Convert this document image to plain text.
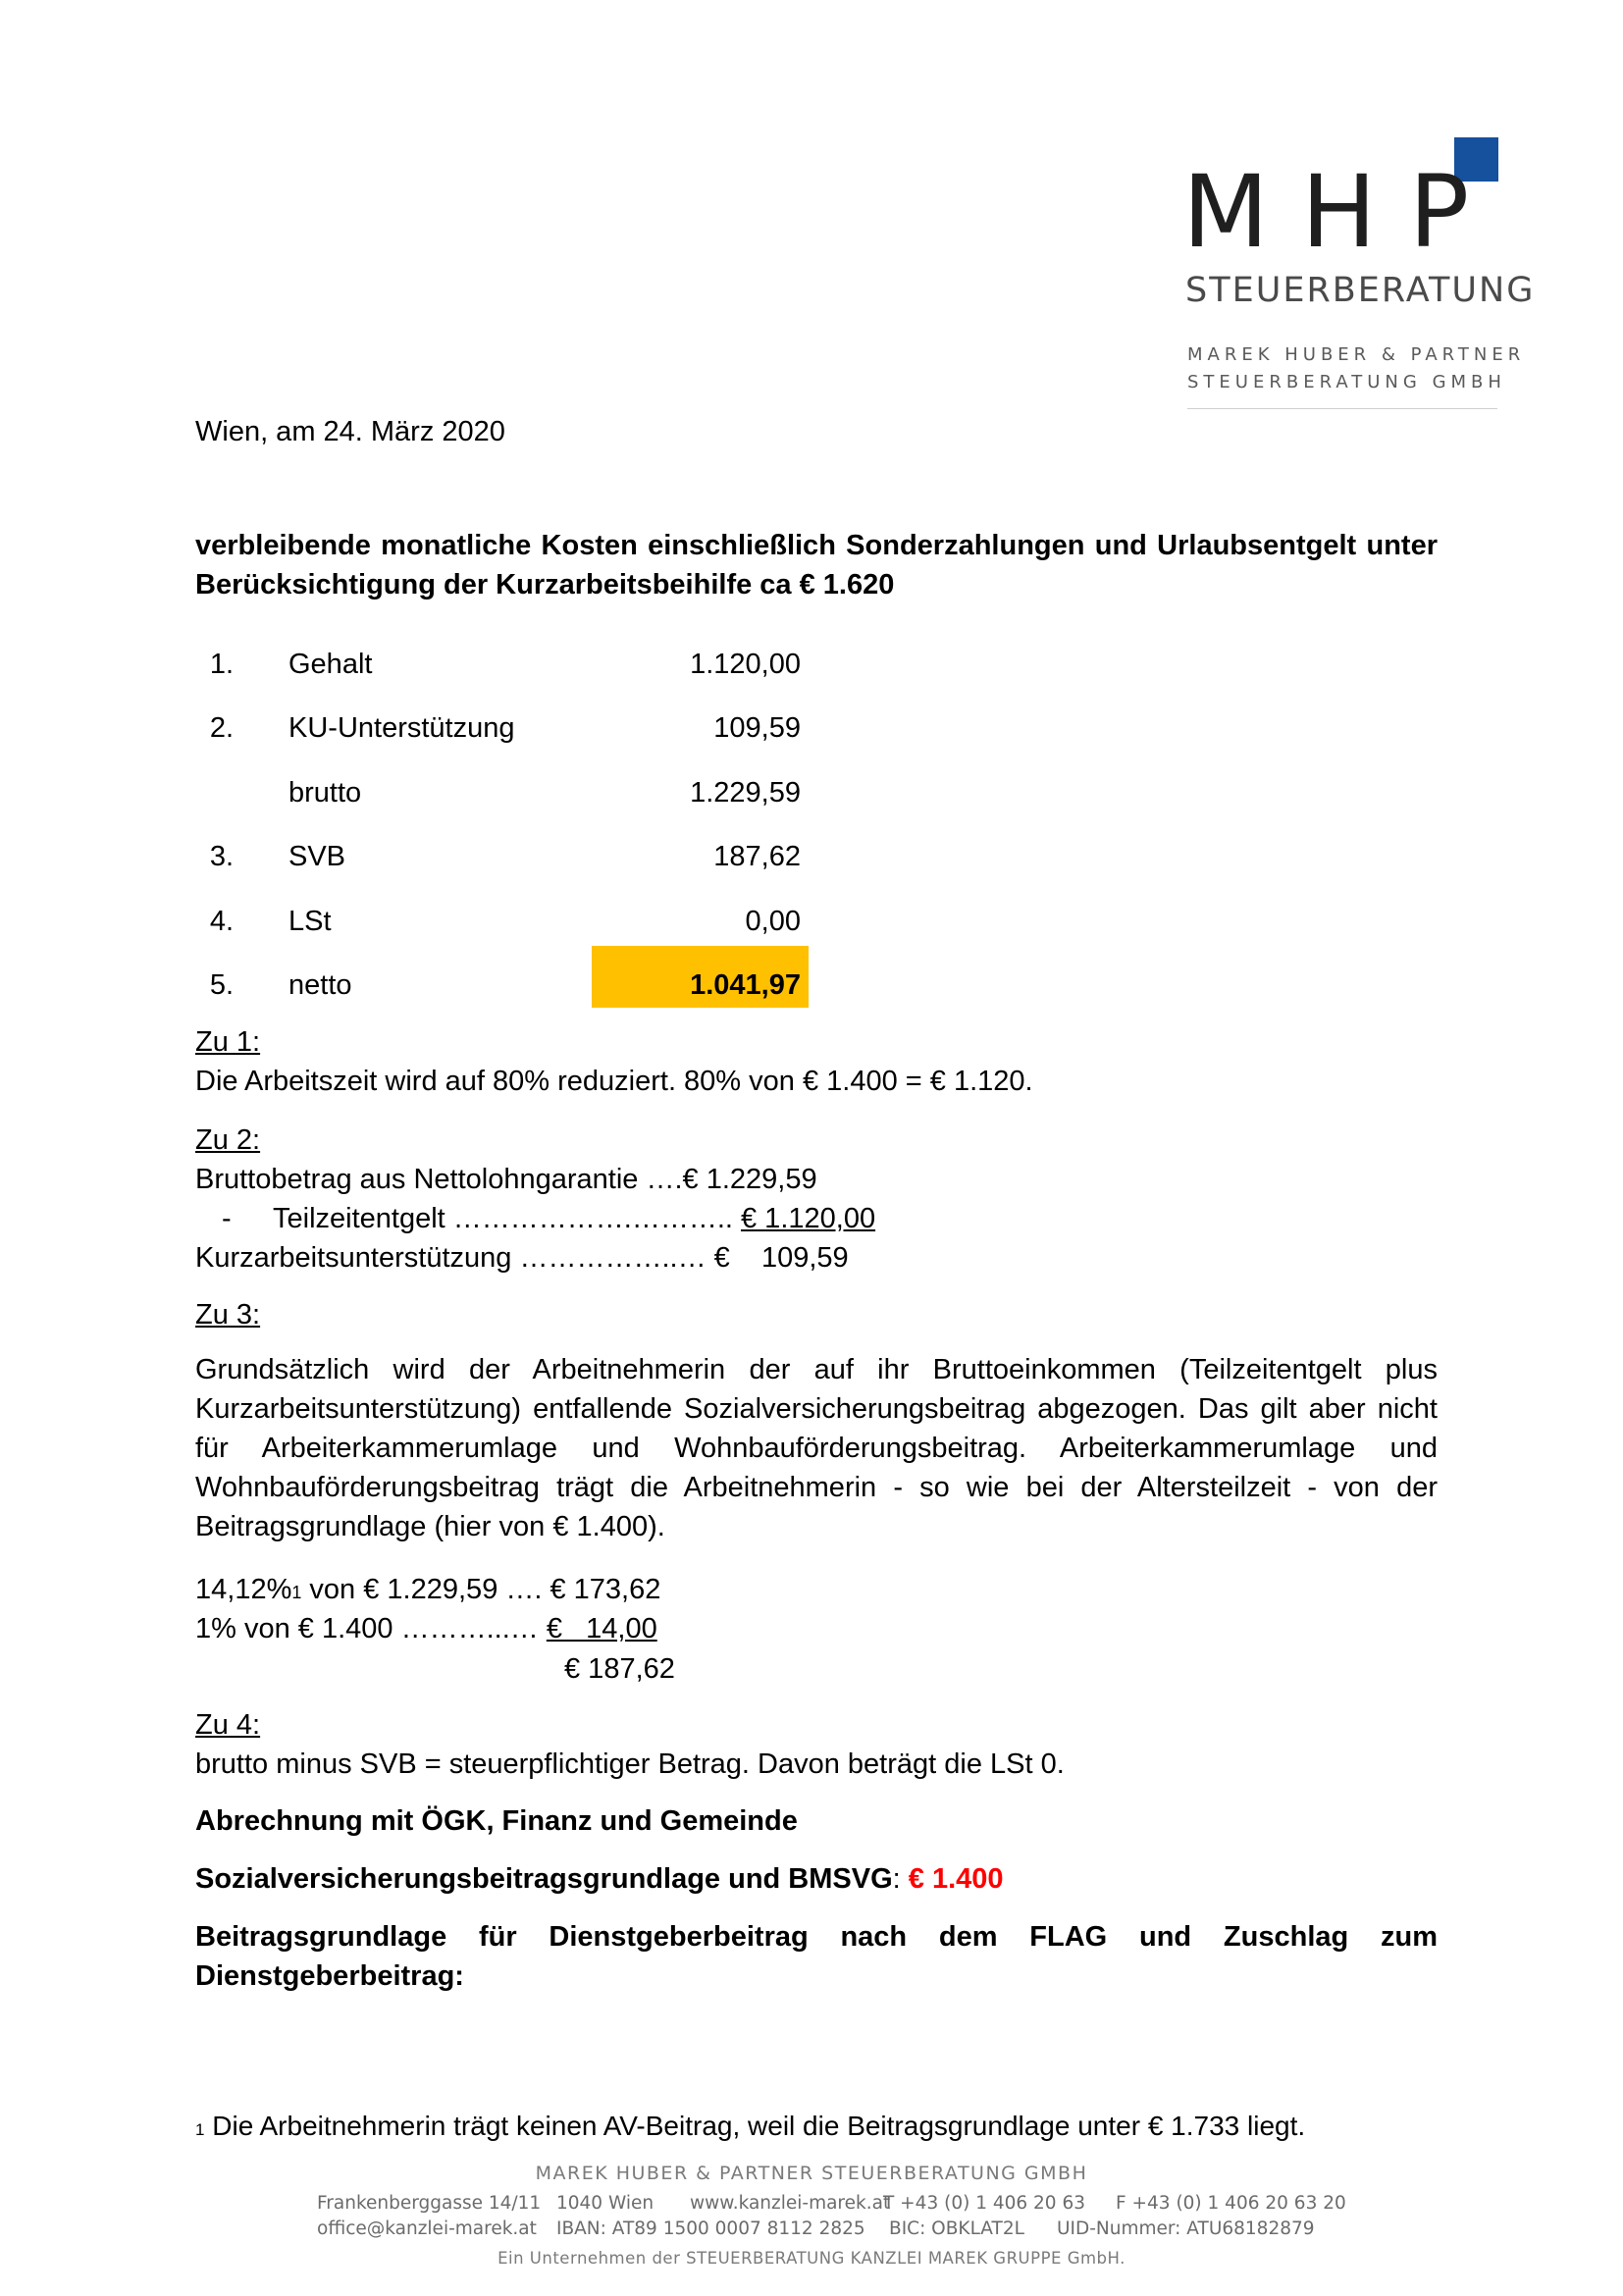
MHP
STEUERBERATUNG
MAREK HUBER & PARTNER
STEUERBERATUNG GMBH
Wien, am 24. März 2020
verbleibende monatliche Kosten einschließlich Sonderzahlungen und Urlaubsentgelt unter Berücksichtigung der Kurzarbeitsbeihilfe ca € 1.620
1. Gehalt	1.120,00
2. KU-Unterstützung	109,59
brutto	1.229,59
3. SVB	187,62
4. LSt	0,00
5. netto	1.041,97
Zu 1:
Die Arbeitszeit wird auf 80% reduziert. 80% von € 1.400 = € 1.120.
Zu 2:
Bruttobetrag aus Nettolohngarantie ….€ 1.229,59
- Teilzeitentgelt ……………….……….. € 1.120,00
Kurzarbeitsunterstützung ……………..… €    109,59
Zu 3:
Grundsätzlich wird der Arbeitnehmerin der auf ihr Bruttoeinkommen (Teilzeitentgelt plus Kurzarbeitsunterstützung) entfallende Sozialversicherungsbeitrag abgezogen. Das gilt aber nicht für Arbeiterkammerumlage und Wohnbauförderungsbeitrag. Arbeiterkammerumlage und Wohnbauförderungsbeitrag trägt die Arbeitnehmerin - so wie bei der Altersteilzeit - von der Beitragsgrundlage (hier von € 1.400).
14,12%1 von € 1.229,59 …. € 173,62
1% von € 1.400 ………...… €   14,00
€ 187,62
Zu 4:
brutto minus SVB = steuerpflichtiger Betrag. Davon beträgt die LSt 0.
Abrechnung mit ÖGK, Finanz und Gemeinde
Sozialversicherungsbeitragsgrundlage und BMSVG: € 1.400
Beitragsgrundlage für Dienstgeberbeitrag nach dem FLAG und Zuschlag zum Dienstgeberbeitrag:
1 Die Arbeitnehmerin trägt keinen AV-Beitrag, weil die Beitragsgrundlage unter € 1.733 liegt.
MAREK HUBER & PARTNER STEUERBERATUNG GMBH
Frankenberggasse 14/11
office@kanzlei-marek.at
1040 Wien
IBAN: AT89 1500 0007 8112 2825
www.kanzlei-marek.at
BIC: OBKLAT2L
T +43 (0) 1 406 20 63 F +43 (0) 1 406 20 63 20
UID-Nummer: ATU68182879
Ein Unternehmen der STEUERBERATUNG KANZLEI MAREK GRUPPE GmbH.
